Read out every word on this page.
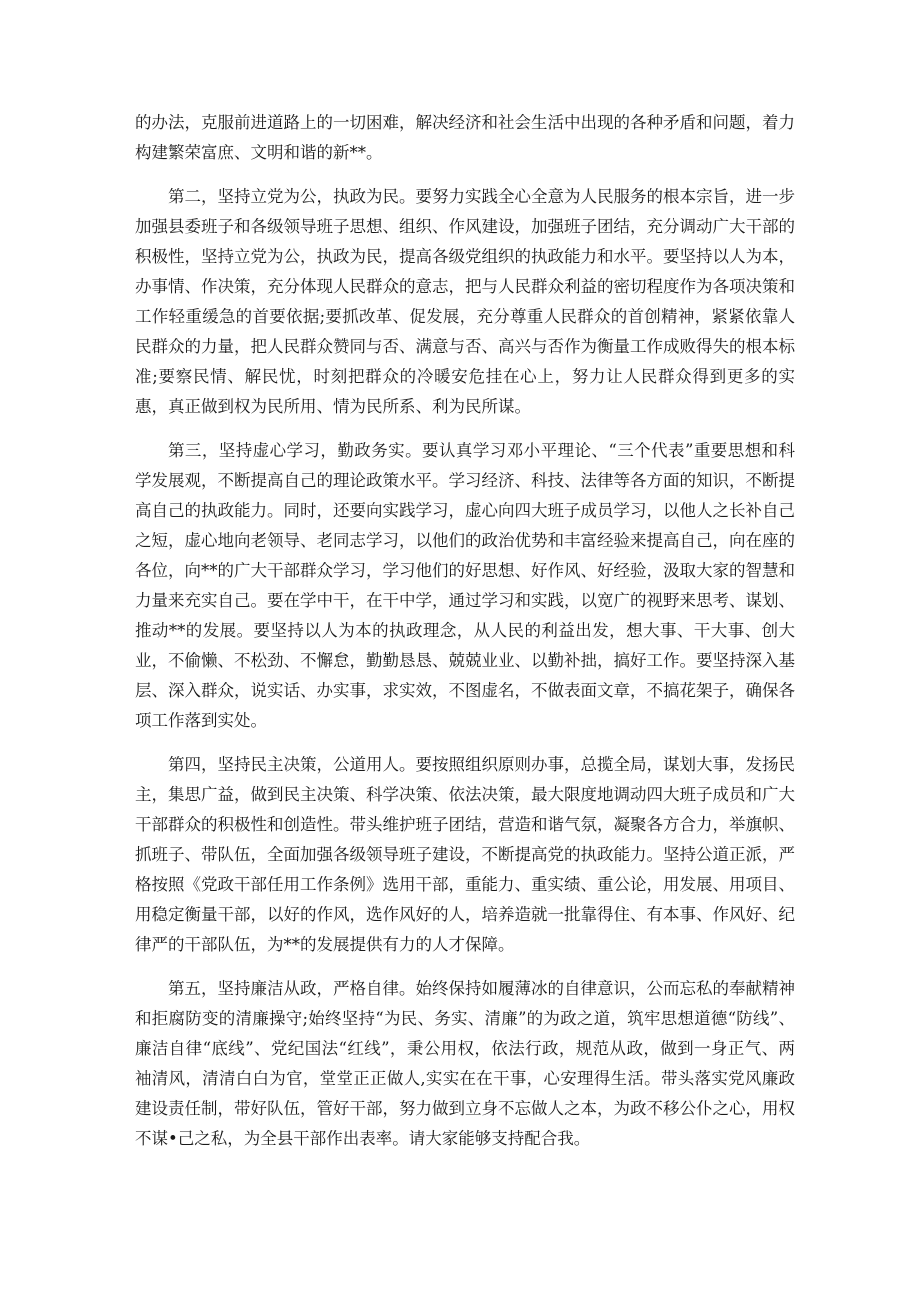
的办法，克服前进道路上的一切困难，解决经济和社会生活中出现的各种矛盾和问题，着力构建繁荣富庶、文明和谐的新**。

第二，坚持立党为公，执政为民。要努力实践全心全意为人民服务的根本宗旨，进一步加强县委班子和各级领导班子思想、组织、作风建设，加强班子团结，充分调动广大干部的积极性，坚持立党为公，执政为民，提高各级党组织的执政能力和水平。要坚持以人为本，办事情、作决策，充分体现人民群众的意志，把与人民群众利益的密切程度作为各项决策和工作轻重缓急的首要依据;要抓改革、促发展，充分尊重人民群众的首创精神，紧紧依靠人民群众的力量，把人民群众赞同与否、满意与否、高兴与否作为衡量工作成败得失的根本标准;要察民情、解民忧，时刻把群众的冷暖安危挂在心上，努力让人民群众得到更多的实惠，真正做到权为民所用、情为民所系、利为民所谋。

第三，坚持虚心学习，勤政务实。要认真学习邓小平理论、“三个代表”重要思想和科学发展观，不断提高自己的理论政策水平。学习经济、科技、法律等各方面的知识，不断提高自己的执政能力。同时，还要向实践学习，虚心向四大班子成员学习，以他人之长补自己之短，虚心地向老领导、老同志学习，以他们的政治优势和丰富经验来提高自己，向在座的各位，向**的广大干部群众学习，学习他们的好思想、好作风、好经验，汲取大家的智慧和力量来充实自己。要在学中干，在干中学，通过学习和实践，以宽广的视野来思考、谋划、推动**的发展。要坚持以人为本的执政理念，从人民的利益出发，想大事、干大事、创大业，不偷懒、不松劲、不懈怠，勤勤恳恳、兢兢业业、以勤补拙，搞好工作。要坚持深入基层、深入群众，说实话、办实事，求实效，不图虚名，不做表面文章，不搞花架子，确保各项工作落到实处。

第四，坚持民主决策，公道用人。要按照组织原则办事，总揽全局，谋划大事，发扬民主，集思广益，做到民主决策、科学决策、依法决策，最大限度地调动四大班子成员和广大干部群众的积极性和创造性。带头维护班子团结，营造和谐气氛，凝聚各方合力，举旗帜、抓班子、带队伍，全面加强各级领导班子建设，不断提高党的执政能力。坚持公道正派，严格按照《党政干部任用工作条例》选用干部，重能力、重实绩、重公论，用发展、用项目、用稳定衡量干部，以好的作风，选作风好的人，培养造就一批靠得住、有本事、作风好、纪律严的干部队伍，为**的发展提供有力的人才保障。

第五，坚持廉洁从政，严格自律。始终保持如履薄冰的自律意识，公而忘私的奉献精神和拒腐防变的清廉操守;始终坚持“为民、务实、清廉”的为政之道，筑牢思想道德“防线”、廉洁自律“底线”、党纪国法“红线”，秉公用权，依法行政，规范从政，做到一身正气、两袖清风，清清白白为官，堂堂正正做人,实实在在干事，心安理得生活。带头落实党风廉政建设责任制，带好队伍，管好干部，努力做到立身不忘做人之本，为政不移公仆之心，用权不谋•己之私，为全县干部作出表率。请大家能够支持配合我。
